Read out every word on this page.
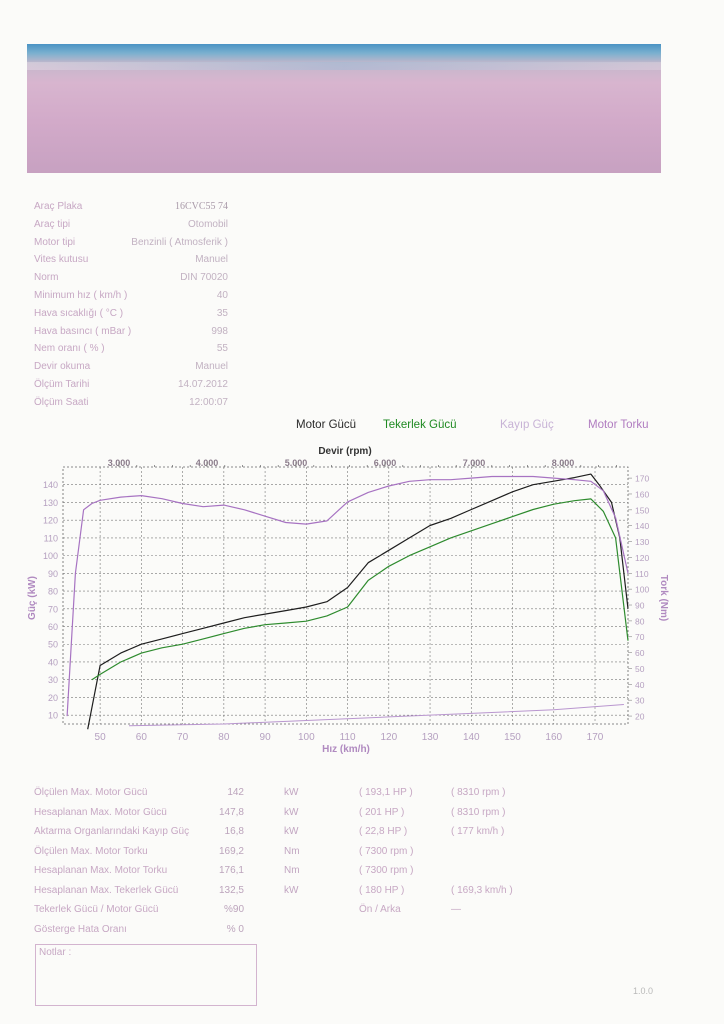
Araç Plaka	16CVC55 74
Araç tipi	Otomobil
Motor tipi	Benzinli ( Atmosferik )
Vites kutusu	Manuel
Norm	DIN 70020
Minimum hız ( km/h )	40
Hava sıcaklığı ( °C )	35
Hava basıncı ( mBar )	998
Nem oranı ( % )	55
Devir okuma	Manuel
Ölçüm Tarihi	14.07.2012
Ölçüm Saati	12:00:07
Motor Gücü Tekerlek Gücü	Kayıp Güç	Motor Torku
50	60	70	80	90	100 110 120 130 140 150 160 170
10
20
30
40
50
60
70
80
90
100
110
120
130
140
20
30
40
50
60
70
80
90
100
110
120
130
140
150
160
170
3.000	4.000	5.000	6.000	7.000	8.000
Devir (rpm)
Hız (km/h)
Güç (kW)	Tork (Nm)
Ölçülen Max. Motor Gücü	142	kW	( 193,1 HP )	( 8310 rpm )
Hesaplanan Max. Motor Gücü	147,8	kW	( 201 HP )	( 8310 rpm )
Aktarma Organlarındaki Kayıp Güç	16,8	kW	( 22,8 HP )	( 177 km/h )
Ölçülen Max. Motor Torku	169,2	Nm	( 7300 rpm )
Hesaplanan Max. Motor Torku	176,1	Nm	( 7300 rpm )
Hesaplanan Max. Tekerlek Gücü	132,5	kW	( 180 HP )	( 169,3 km/h )
Tekerlek Gücü / Motor Gücü	%90	Ön / Arka	—
Gösterge Hata Oranı	% 0
Notlar :
1.0.0
